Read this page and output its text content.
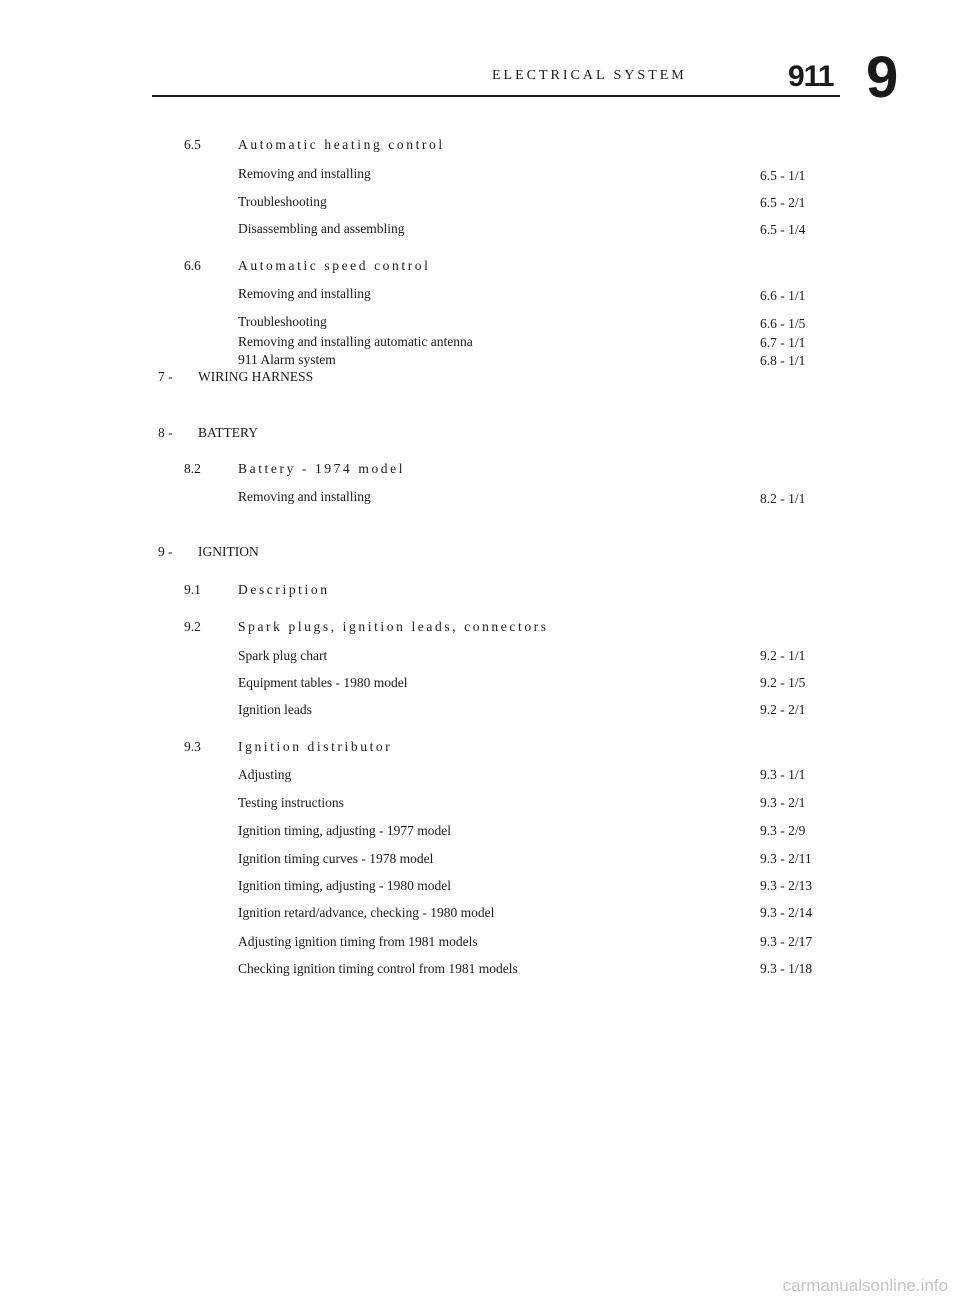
ELECTRICAL SYSTEM	911 9
6.5	Automatic heating control
Removing and installing	6.5 - 1/1
Troubleshooting	6.5 - 2/1
Disassembling and assembling	6.5 - 1/4
6.6	Automatic speed control
Removing and installing	6.6 - 1/1
Troubleshooting	6.6 - 1/5
Removing and installing automatic antenna	6.7 - 1/1
911 Alarm system	6.8 - 1/1
7 - WIRING HARNESS
8 - BATTERY
8.2	Battery - 1974 model
Removing and installing	8.2 - 1/1
9 - IGNITION
9.1	Description
9.2	Spark plugs, ignition leads, connectors
Spark plug chart	9.2 - 1/1
Equipment tables - 1980 model	9.2 - 1/5
Ignition leads	9.2 - 2/1
9.3	Ignition distributor
Adjusting	9.3 - 1/1
Testing instructions	9.3 - 2/1
Ignition timing, adjusting - 1977 model	9.3 - 2/9
Ignition timing curves - 1978 model	9.3 - 2/11
Ignition timing, adjusting - 1980 model	9.3 - 2/13
Ignition retard/advance, checking - 1980 model	9.3 - 2/14
Adjusting ignition timing from 1981 models	9.3 - 2/17
Checking ignition timing control from 1981 models	9.3 - 1/18
carmanualsonline.info
